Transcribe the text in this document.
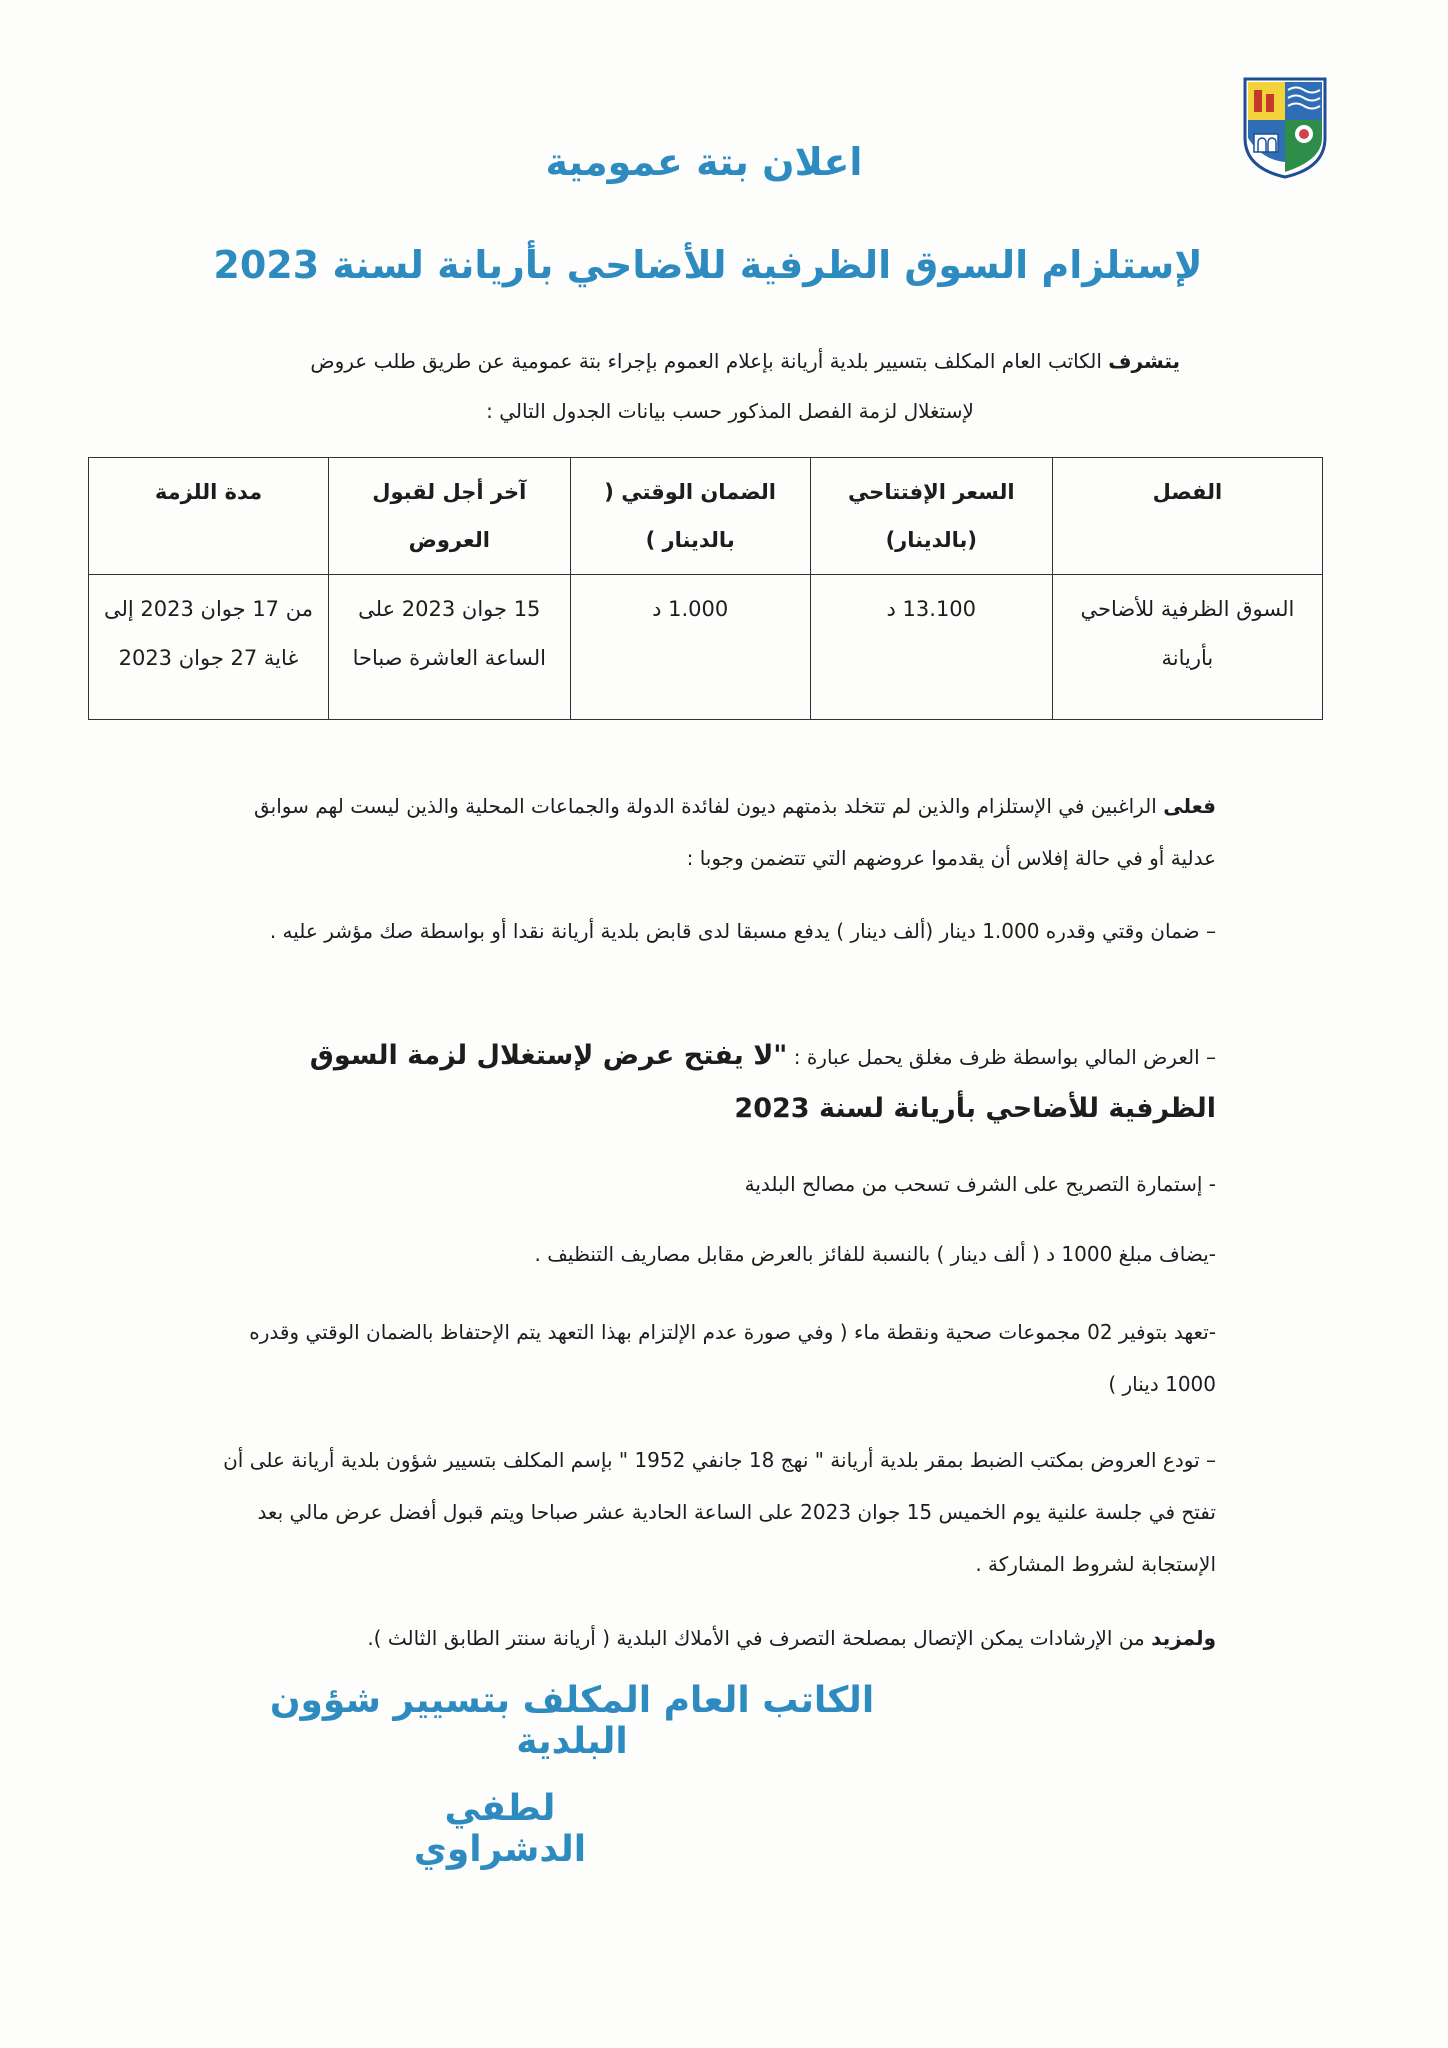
اعلان بتة عمومية
لإستلزام السوق الظرفية للأضاحي بأريانة لسنة 2023
يتشرف الكاتب العام المكلف بتسيير بلدية أريانة بإعلام العموم بإجراء بتة عمومية عن طريق طلب عروض
لإستغلال لزمة الفصل المذكور حسب بيانات الجدول التالي :
الفصل	السعر الإفتتاحي (بالدينار)	الضمان الوقتي ( بالدينار )	آخر أجل لقبول العروض	مدة اللزمة
السوق الظرفية للأضاحي بأريانة	13.100 د	1.000 د	15 جوان 2023 على الساعة العاشرة صباحا	من 17 جوان 2023 إلى غاية 27 جوان 2023

فعلى الراغبين في الإستلزام والذين لم تتخلد بذمتهم ديون لفائدة الدولة والجماعات المحلية والذين ليست لهم سوابق عدلية أو في حالة إفلاس أن يقدموا عروضهم التي تتضمن وجوبا :

– ضمان وقتي وقدره 1.000 دينار (ألف دينار ) يدفع مسبقا لدى قابض بلدية أريانة نقدا أو بواسطة صك مؤشر عليه .

– العرض المالي بواسطة ظرف مغلق يحمل عبارة : "لا يفتح عرض لإستغلال لزمة السوق الظرفية للأضاحي بأريانة لسنة 2023

- إستمارة التصريح على الشرف تسحب من مصالح البلدية

-يضاف مبلغ 1000 د ( ألف دينار ) بالنسبة للفائز بالعرض مقابل مصاريف التنظيف .

-تعهد بتوفير 02 مجموعات صحية ونقطة ماء ( وفي صورة عدم الإلتزام بهذا التعهد يتم الإحتفاظ بالضمان الوقتي وقدره 1000 دينار )

– تودع العروض بمكتب الضبط بمقر بلدية أريانة " نهج 18 جانفي 1952 " بإسم المكلف بتسيير شؤون بلدية أريانة على أن تفتح في جلسة علنية يوم الخميس 15 جوان 2023 على الساعة الحادية عشر صباحا ويتم قبول أفضل عرض مالي بعد الإستجابة لشروط المشاركة .

ولمزيد من الإرشادات يمكن الإتصال بمصلحة التصرف في الأملاك البلدية ( أريانة سنتر الطابق الثالث ).

الكاتب العام المكلف بتسيير شؤون البلدية
لطفي الدشراوي
